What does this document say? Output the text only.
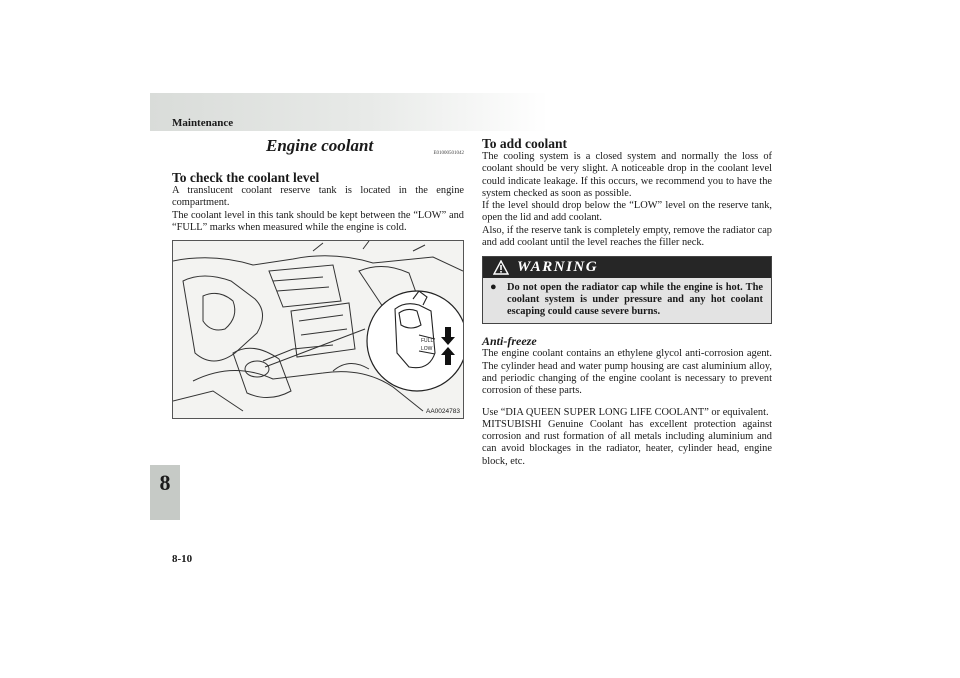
Maintenance
8
8-10
Engine coolant	E01000501042
To check the coolant level

A translucent coolant reserve tank is located in the engine compartment.

The coolant level in this tank should be kept between the “LOW” and “FULL” marks when measured while the engine is cold.

FULL
LOW
AA0024783
To add coolant

The cooling system is a closed system and normally the loss of coolant should be very slight. A noticeable drop in the coolant level could indicate leakage. If this occurs, we recommend you to have the system checked as soon as possible.

If the level should drop below the “LOW” level on the reserve tank, open the lid and add coolant.

Also, if the reserve tank is completely empty, remove the radiator cap and add coolant until the level reaches the filler neck.

WARNING
● Do not open the radiator cap while the engine is hot. The coolant system is under pressure and any hot coolant escaping could cause severe burns.
Anti-freeze

The engine coolant contains an ethylene glycol anti-corrosion agent. The cylinder head and water pump housing are cast aluminium alloy, and periodic changing of the engine coolant is necessary to prevent corrosion of these parts.

Use “DIA QUEEN SUPER LONG LIFE COOLANT” or equivalent.

MITSUBISHI Genuine Coolant has excellent protection against corrosion and rust formation of all metals including aluminium and can avoid blockages in the radiator, heater, cylinder head, engine block, etc.
